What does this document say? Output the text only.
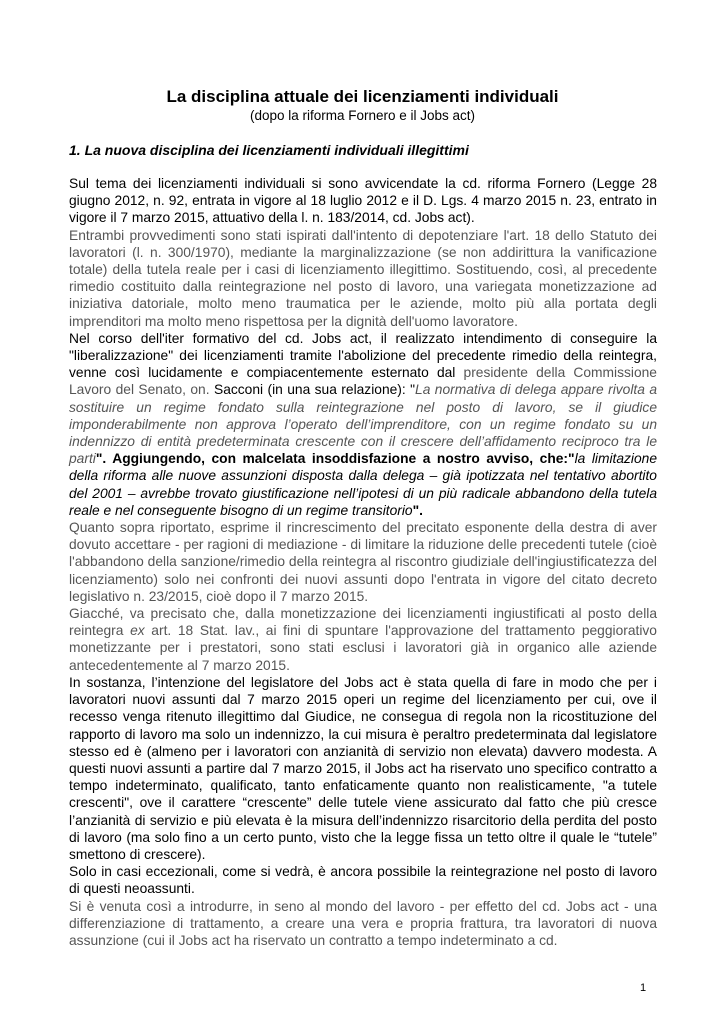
La disciplina attuale dei licenziamenti individuali
(dopo la riforma Fornero e il Jobs act)
1. La nuova disciplina dei licenziamenti individuali illegittimi

Sul tema dei licenziamenti individuali si sono avvicendate la cd. riforma Fornero (Legge 28 giugno 2012, n. 92, entrata in vigore al 18 luglio 2012 e il D. Lgs. 4 marzo 2015 n. 23, entrato in vigore il 7 marzo 2015, attuativo della l. n. 183/2014, cd. Jobs act).

Entrambi provvedimenti sono stati ispirati dall'intento di depotenziare l'art. 18 dello Statuto dei lavoratori (l. n. 300/1970), mediante la marginalizzazione (se non addirittura la vanificazione totale) della tutela reale per i casi di licenziamento illegittimo. Sostituendo, così, al precedente rimedio costituito dalla reintegrazione nel posto di lavoro, una variegata monetizzazione ad iniziativa datoriale, molto meno traumatica per le aziende, molto più alla portata degli imprenditori ma molto meno rispettosa per la dignità dell'uomo lavoratore.

Nel corso dell'iter formativo del cd. Jobs act, il realizzato intendimento di conseguire la "liberalizzazione" dei licenziamenti tramite l'abolizione del precedente rimedio della reintegra, venne così lucidamente e compiacentemente esternato dal presidente della Commissione Lavoro del Senato, on. Sacconi (in una sua relazione): "La normativa di delega appare rivolta a sostituire un regime fondato sulla reintegrazione nel posto di lavoro, se il giudice imponderabilmente non approva l’operato dell’imprenditore, con un regime fondato su un indennizzo di entità predeterminata crescente con il crescere dell’affidamento reciproco tra le parti". Aggiungendo, con malcelata insoddisfazione a nostro avviso, che:"la limitazione della riforma alle nuove assunzioni disposta dalla delega – già ipotizzata nel tentativo abortito del 2001 – avrebbe trovato giustificazione nell’ipotesi di un più radicale abbandono della tutela reale e nel conseguente bisogno di un regime transitorio".

Quanto sopra riportato, esprime il rincrescimento del precitato esponente della destra di aver dovuto accettare - per ragioni di mediazione - di limitare la riduzione delle precedenti tutele (cioè l'abbandono della sanzione/rimedio della reintegra al riscontro giudiziale dell'ingiustificatezza del licenziamento) solo nei confronti dei nuovi assunti dopo l'entrata in vigore del citato decreto legislativo n. 23/2015, cioè dopo il 7 marzo 2015.

Giacché, va precisato che, dalla monetizzazione dei licenziamenti ingiustificati al posto della reintegra ex art. 18 Stat. lav., ai fini di spuntare l'approvazione del trattamento peggiorativo monetizzante per i prestatori, sono stati esclusi i lavoratori già in organico alle aziende antecedentemente al 7 marzo 2015.

In sostanza, l’intenzione del legislatore del Jobs act è stata quella di fare in modo che per i lavoratori nuovi assunti dal 7 marzo 2015 operi un regime del licenziamento per cui, ove il recesso venga ritenuto illegittimo dal Giudice, ne consegua di regola non la ricostituzione del rapporto di lavoro ma solo un indennizzo, la cui misura è peraltro predeterminata dal legislatore stesso ed è (almeno per i lavoratori con anzianità di servizio non elevata) davvero modesta. A questi nuovi assunti a partire dal 7 marzo 2015, il Jobs act ha riservato uno specifico contratto a tempo indeterminato, qualificato, tanto enfaticamente quanto non realisticamente, "a tutele crescenti", ove il carattere “crescente” delle tutele viene assicurato dal fatto che più cresce l’anzianità di servizio e più elevata è la misura dell’indennizzo risarcitorio della perdita del posto di lavoro (ma solo fino a un certo punto, visto che la legge fissa un tetto oltre il quale le “tutele” smettono di crescere).

Solo in casi eccezionali, come si vedrà, è ancora possibile la reintegrazione nel posto di lavoro di questi neoassunti.

Si è venuta così a introdurre, in seno al mondo del lavoro - per effetto del cd. Jobs act - una differenziazione di trattamento, a creare una vera e propria frattura, tra lavoratori di nuova assunzione (cui il Jobs act ha riservato un contratto a tempo indeterminato a cd.

1
